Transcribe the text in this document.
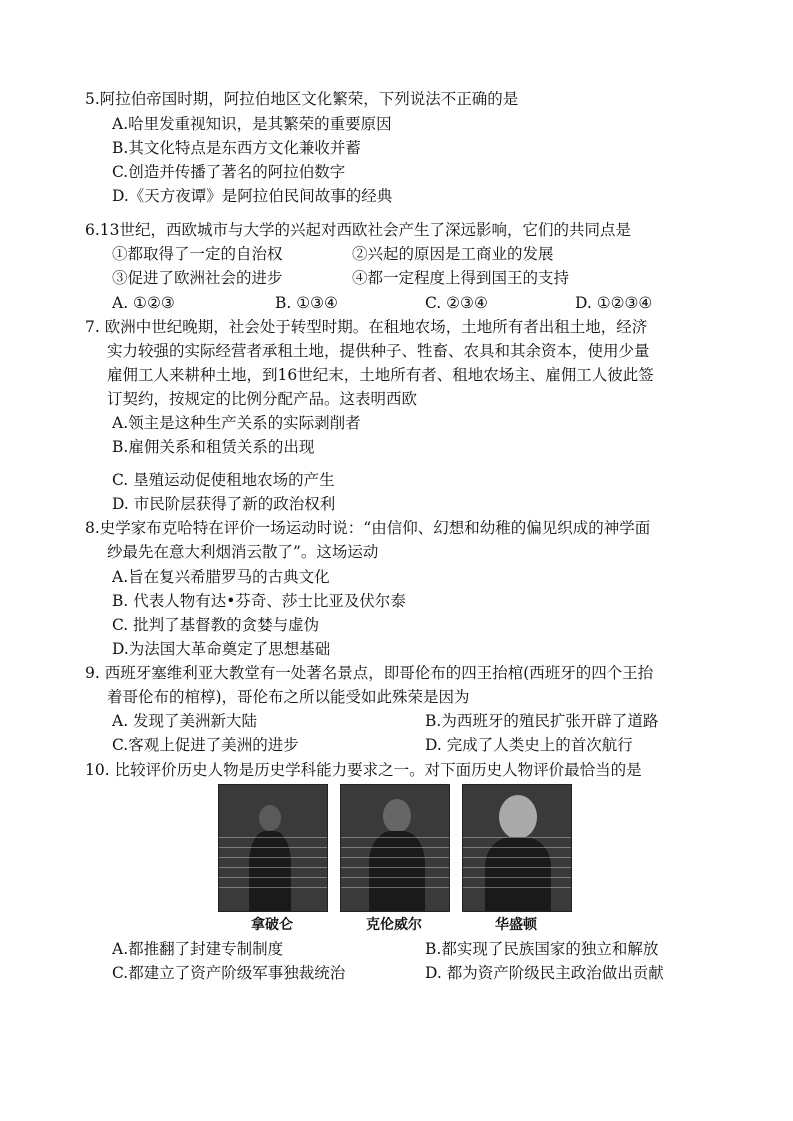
5.阿拉伯帝国时期，阿拉伯地区文化繁荣，下列说法不正确的是
A.哈里发重视知识，是其繁荣的重要原因
B.其文化特点是东西方文化兼收并蓄
C.创造并传播了著名的阿拉伯数字
D.《天方夜谭》是阿拉伯民间故事的经典
6.13世纪，西欧城市与大学的兴起对西欧社会产生了深远影响，它们的共同点是
①都取得了一定的自治权	②兴起的原因是工商业的发展
③促进了欧洲社会的进步	④都一定程度上得到国王的支持
A. ①②③	B. ①③④	C. ②③④	D. ①②③④
7. 欧洲中世纪晚期，社会处于转型时期。在租地农场，土地所有者出租土地，经济
实力较强的实际经营者承租土地，提供种子、牲畜、农具和其余资本，使用少量
雇佣工人来耕种土地，到16世纪末，土地所有者、租地农场主、雇佣工人彼此签
订契约，按规定的比例分配产品。这表明西欧
A.领主是这种生产关系的实际剥削者
B.雇佣关系和租赁关系的出现
C. 垦殖运动促使租地农场的产生
D. 市民阶层获得了新的政治权利
8.史学家布克哈特在评价一场运动时说：“由信仰、幻想和幼稚的偏见织成的神学面
纱最先在意大利烟消云散了”。这场运动
A.旨在复兴希腊罗马的古典文化
B. 代表人物有达•芬奇、莎士比亚及伏尔泰
C. 批判了基督教的贪婪与虚伪
D.为法国大革命奠定了思想基础
9. 西班牙塞维利亚大教堂有一处著名景点，即哥伦布的四王抬棺(西班牙的四个王抬
着哥伦布的棺椁)，哥伦布之所以能受如此殊荣是因为
A. 发现了美洲新大陆	B.为西班牙的殖民扩张开辟了道路
C.客观上促进了美洲的进步	D. 完成了人类史上的首次航行
10. 比较评价历史人物是历史学科能力要求之一。对下面历史人物评价最恰当的是
拿破仑	克伦威尔	华盛顿
A.都推翻了封建专制制度	B.都实现了民族国家的独立和解放
C.都建立了资产阶级军事独裁统治	D. 都为资产阶级民主政治做出贡献
